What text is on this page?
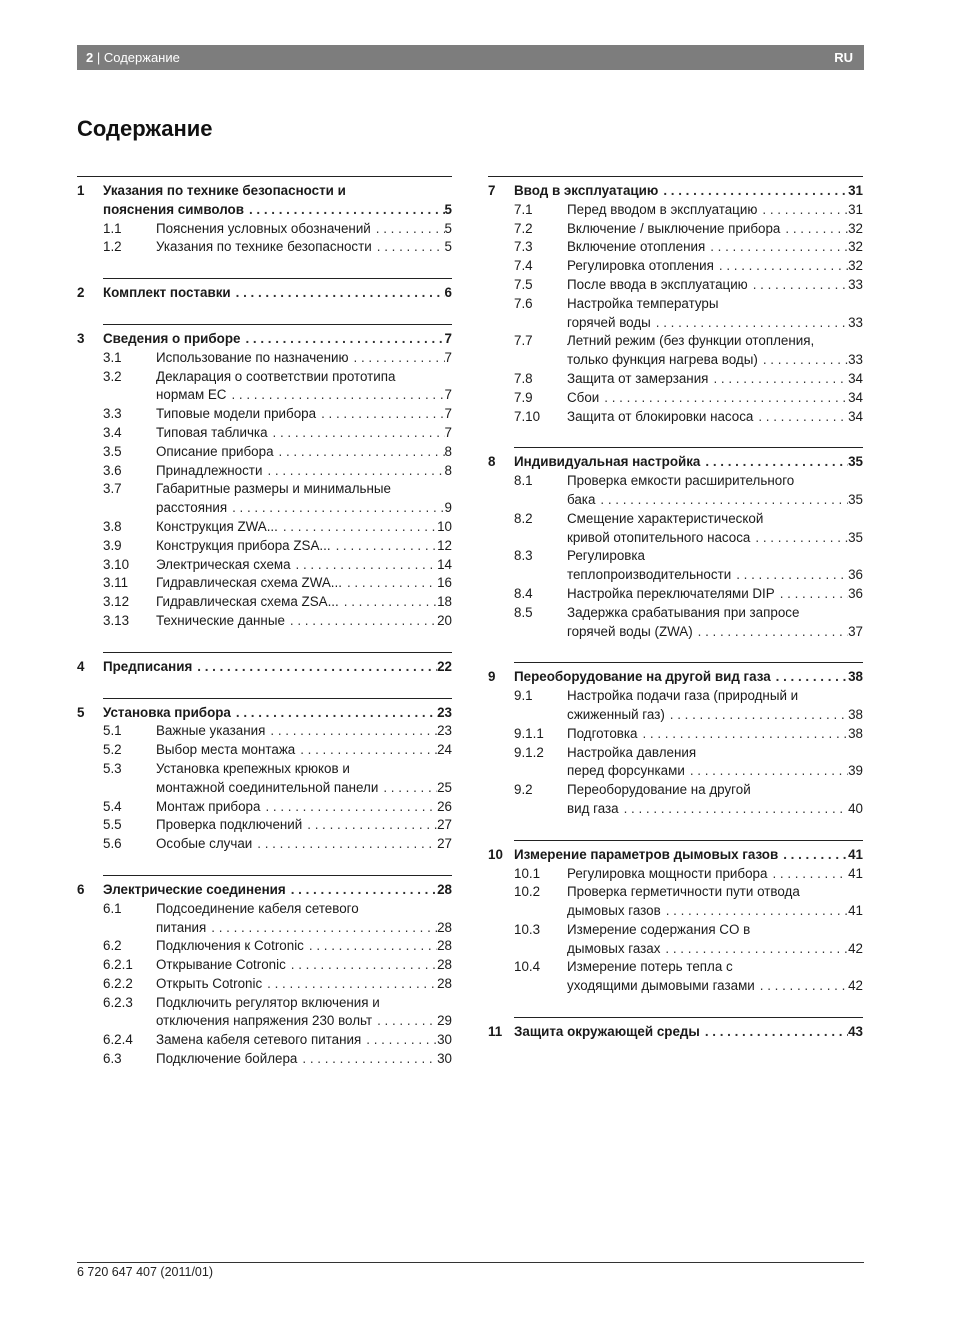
2 | Содержание	RU
Содержание
1 Указания по технике безопасности и
пояснения символов . . .	5
1.1	Пояснения условных обозначений . . .	5
1.2	Указания по технике безопасности . . .	5
2 Комплект поставки . . .	6
3 Сведения о приборе . . .	7
3.1	Использование по назначению . . .	7
3.2	Декларация о соответствии прототипа
нормам ЕС . . .	7
3.3	Типовые модели прибора . . .	7
3.4	Типовая табличка . . .	7
3.5	Описание прибора . . .	8
3.6	Принадлежности . . .	8
3.7	Габаритные размеры и минимальные
расстояния . . .	9
3.8	Конструкция ZWA... . . .	10
3.9	Конструкция прибора ZSA... . . .	12
3.10 Электрическая схема . . .	14
3.11 Гидравлическая схема ZWA... . . .	16
3.12 Гидравлическая схема ZSA... . . .	18
3.13 Технические данные . . .	20
4 Предписания . . .	22
5 Установка прибора . . .	23
5.1	Важные указания . . .	23
5.2	Выбор места монтажа . . .	24
5.3	Установка крепежных крюков и
монтажной соединительной панели . . .	25
5.4	Монтаж прибора . . .	26
5.5	Проверка подключений . . .	27
5.6	Особые случаи . . .	27
6 Электрические соединения . . .	28
6.1	Подсоединение кабеля сетевого
питания . . .	28
6.2	Подключения к Cotronic . . .	28
6.2.1 Открывание Cotronic . . .	28
6.2.2 Открыть Cotronic . . .	28
6.2.3 Подключить регулятор включения и
отключения напряжения 230 вольт . . .	29
6.2.4 Замена кабеля сетевого питания . . .	30
6.3	Подключение бойлера . . .	30
7 Ввод в эксплуатацию . . .	31
7.1	Перед вводом в эксплуатацию . . .	31
7.2	Включение / выключение прибора . . .	32
7.3	Включение отопления . . .	32
7.4	Регулировка отопления . . .	32
7.5	После ввода в эксплуатацию . . .	33
7.6	Настройка температуры
горячей воды . . .	33
7.7	Летний режим (без функции отопления,
только функция нагрева воды) . . .	33
7.8	Защита от замерзания . . .	34
7.9	Сбои . . .	34
7.10 Защита от блокировки насоса . . .	34
8 Индивидуальная настройка . . .	35
8.1	Проверка емкости расширительного
бака . . .	35
8.2	Смещение характеристической
кривой отопительного насоса . . .	35
8.3	Регулировка
теплопроизводительности . . .	36
8.4	Настройка переключателями DIP . . .	36
8.5	Задержка срабатывания при запросе
горячей воды (ZWA) . . .	37
9 Переоборудование на другой вид газа . . .	38
9.1	Настройка подачи газа (природный и
сжиженный газ) . . .	38
9.1.1 Подготовка . . .	38
9.1.2 Настройка давления
перед форсунками . . .	39
9.2	Переоборудование на другой
вид газа . . .	40
10 Измерение параметров дымовых газов . . .	41
10.1 Регулировка мощности прибора . . .	41
10.2 Проверка герметичности пути отвода
дымовых газов . . .	41
10.3 Измерение содержания CO в
дымовых газах . . .	42
10.4 Измерение потерь тепла с
уходящими дымовыми газами . . .	42
11 Защита окружающей среды . . .	43
6 720 647 407 (2011/01)
